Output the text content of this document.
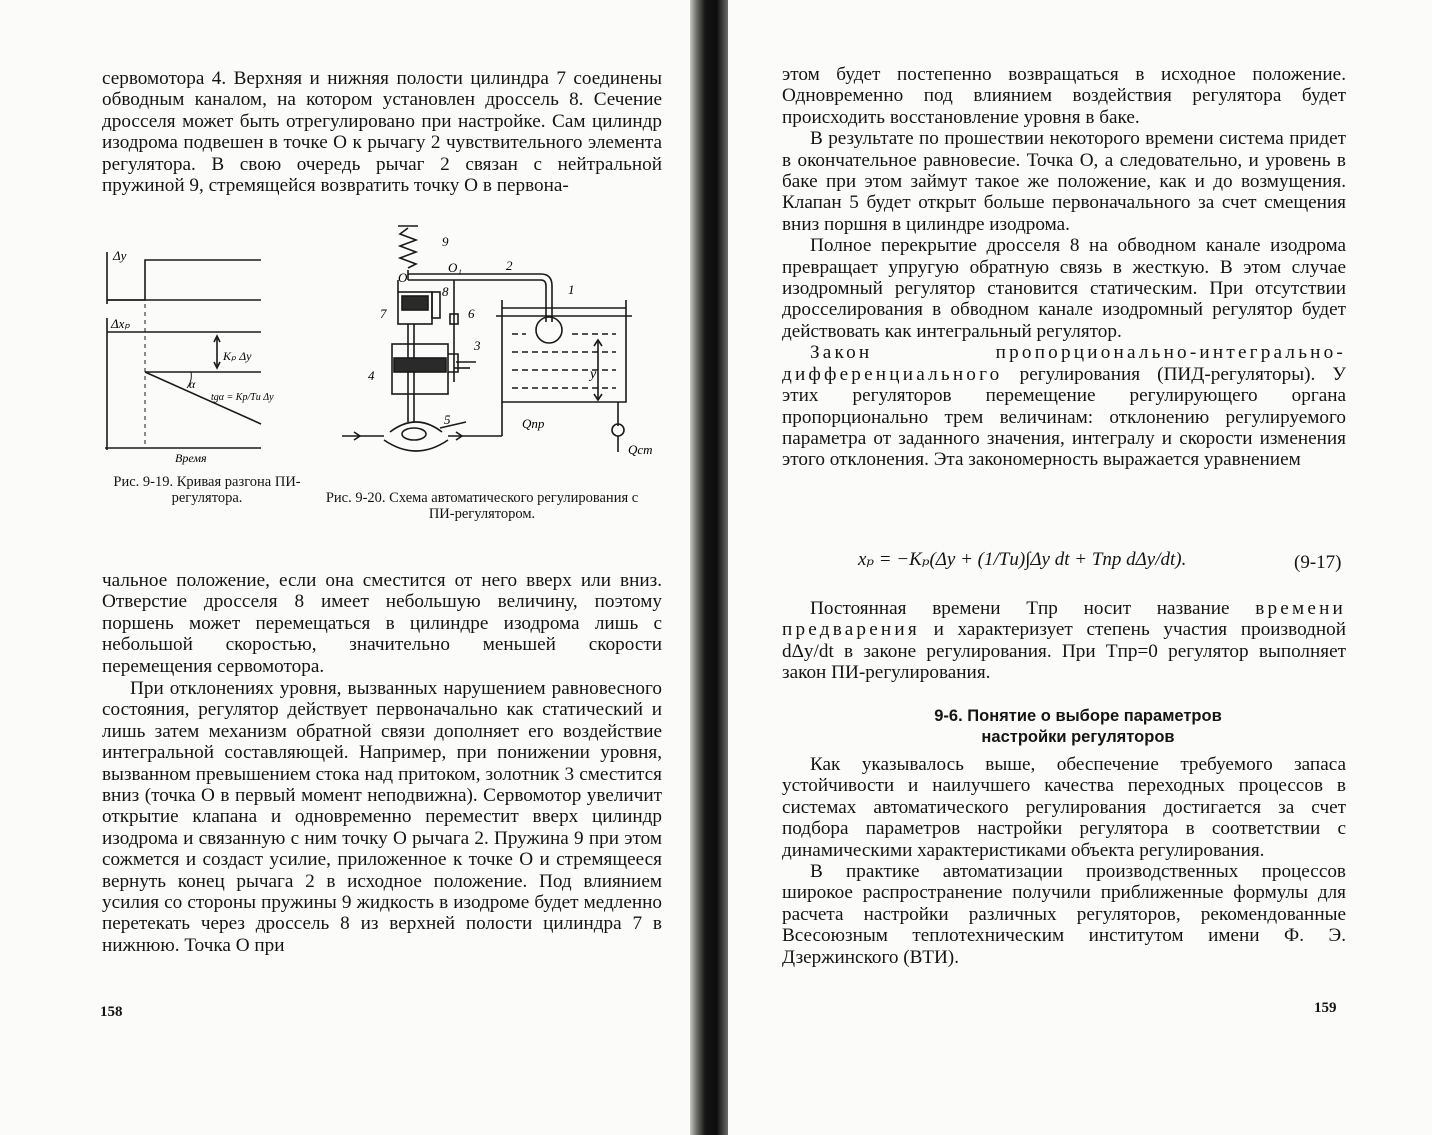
сервомотора 4. Верхняя и нижняя полости цилиндра 7 соединены обводным каналом, на котором установлен дроссель 8. Сечение дросселя может быть отрегулировано при настройке. Сам цилиндр изодрома подвешен в точке О к рычагу 2 чувствительного элемента регулятора. В свою очередь рычаг 2 связан с нейтральной пружиной 9, стремящейся возвратить точку О в первона-

Δy
Δxₚ
Kₚ Δy
α
tgα = Kp/Tи Δy
Время
Рис. 9-19. Кривая разгона ПИ-регулятора.
9
O
O₁	2
8	1
7	6
3
4	y
5	Qпр
Qст
Рис. 9-20. Схема автоматического регулирования с ПИ-регулятором.

чальное положение, если она сместится от него вверх или вниз. Отверстие дросселя 8 имеет небольшую величину, поэтому поршень может перемещаться в цилиндре изодрома лишь с небольшой скоростью, значительно меньшей скорости перемещения сервомотора.

При отклонениях уровня, вызванных нарушением равновесного состояния, регулятор действует первоначально как статический и лишь затем механизм обратной связи дополняет его воздействие интегральной составляющей. Например, при понижении уровня, вызванном превышением стока над притоком, золотник 3 сместится вниз (точка О в первый момент неподвижна). Сервомотор увеличит открытие клапана и одновременно переместит вверх цилиндр изодрома и связанную с ним точку О рычага 2. Пружина 9 при этом сожмется и создаст усилие, приложенное к точке О и стремящееся вернуть конец рычага 2 в исходное положение. Под влиянием усилия со стороны пружины 9 жидкость в изодроме будет медленно перетекать через дроссель 8 из верхней полости цилиндра 7 в нижнюю. Точка О при

158

этом будет постепенно возвращаться в исходное положение. Одновременно под влиянием воздействия регулятора будет происходить восстановление уровня в баке.

В результате по прошествии некоторого времени система придет в окончательное равновесие. Точка О, а следовательно, и уровень в баке при этом займут такое же положение, как и до возмущения. Клапан 5 будет открыт больше первоначального за счет смещения вниз поршня в цилиндре изодрома.

Полное перекрытие дросселя 8 на обводном канале изодрома превращает упругую обратную связь в жесткую. В этом случае изодромный регулятор становится статическим. При отсутствии дросселирования в обводном канале изодромный регулятор будет действовать как интегральный регулятор.

Закон пропорционально-интегрально-дифференциального регулирования (ПИД-регуляторы). У этих регуляторов перемещение регулирующего органа пропорционально трем величинам: отклонению регулируемого параметра от заданного значения, интегралу и скорости изменения этого отклонения. Эта закономерность выражается уравнением

xₚ = −Kₚ(Δy + (1/Tи)∫Δy dt + Tпр dΔy/dt).	(9-17)

Постоянная времени Tпр носит название времени предварения и характеризует степень участия производной dΔy/dt в законе регулирования. При Tпр=0 регулятор выполняет закон ПИ-регулирования.

9-6. Понятие о выборе параметров
настройки регуляторов

Как указывалось выше, обеспечение требуемого запаса устойчивости и наилучшего качества переходных процессов в системах автоматического регулирования достигается за счет подбора параметров настройки регулятора в соответствии с динамическими характеристиками объекта регулирования.

В практике автоматизации производственных процессов широкое распространение получили приближенные формулы для расчета настройки различных регуляторов, рекомендованные Всесоюзным теплотехническим институтом имени Ф. Э. Дзержинского (ВТИ).

159
